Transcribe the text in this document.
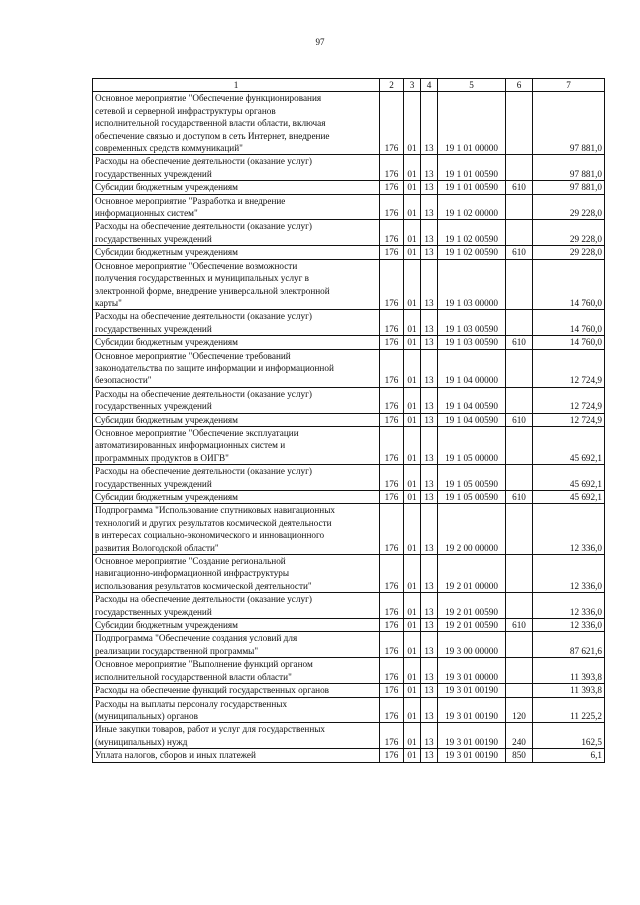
97
1	2	3	4	5	6	7

Основное мероприятие "Обеспечение функционирования
сетевой и серверной инфраструктуры органов
исполнительной государственной власти области, включая
обеспечение связью и доступом в сеть Интернет, внедрение
современных средств коммуникаций"	176	01	13	19 1 01 00000		97 881,0

Расходы на обеспечение деятельности (оказание услуг)
государственных учреждений	176	01	13	19 1 01 00590		97 881,0

Субсидии бюджетным учреждениям	176	01	13	19 1 01 00590	610	97 881,0

Основное мероприятие "Разработка и внедрение
информационных систем"	176	01	13	19 1 02 00000		29 228,0

Расходы на обеспечение деятельности (оказание услуг)
государственных учреждений	176	01	13	19 1 02 00590		29 228,0

Субсидии бюджетным учреждениям	176	01	13	19 1 02 00590	610	29 228,0

Основное мероприятие "Обеспечение возможности
получения государственных и муниципальных услуг в
электронной форме, внедрение универсальной электронной
карты"	176	01	13	19 1 03 00000		14 760,0

Расходы на обеспечение деятельности (оказание услуг)
государственных учреждений	176	01	13	19 1 03 00590		14 760,0

Субсидии бюджетным учреждениям	176	01	13	19 1 03 00590	610	14 760,0

Основное мероприятие "Обеспечение требований
законодательства по защите информации и информационной
безопасности"	176	01	13	19 1 04 00000		12 724,9

Расходы на обеспечение деятельности (оказание услуг)
государственных учреждений	176	01	13	19 1 04 00590		12 724,9

Субсидии бюджетным учреждениям	176	01	13	19 1 04 00590	610	12 724,9

Основное мероприятие "Обеспечение эксплуатации
автоматизированных информационных систем и
программных продуктов в ОИГВ"	176	01	13	19 1 05 00000		45 692,1

Расходы на обеспечение деятельности (оказание услуг)
государственных учреждений	176	01	13	19 1 05 00590		45 692,1

Субсидии бюджетным учреждениям	176	01	13	19 1 05 00590	610	45 692,1

Подпрограмма "Использование спутниковых навигационных
технологий и других результатов космической деятельности
в интересах социально-экономического и инновационного
развития Вологодской области"	176	01	13	19 2 00 00000		12 336,0

Основное мероприятие "Создание региональной
навигационно-информационной инфраструктуры
использования результатов космической деятельности"	176	01	13	19 2 01 00000		12 336,0

Расходы на обеспечение деятельности (оказание услуг)
государственных учреждений	176	01	13	19 2 01 00590		12 336,0

Субсидии бюджетным учреждениям	176	01	13	19 2 01 00590	610	12 336,0

Подпрограмма "Обеспечение создания условий для
реализации государственной программы"	176	01	13	19 3 00 00000		87 621,6

Основное мероприятие "Выполнение функций органом
исполнительной государственной власти области"	176	01	13	19 3 01 00000		11 393,8

Расходы на обеспечение функций государственных органов	176	01	13	19 3 01 00190		11 393,8

Расходы на выплаты персоналу государственных
(муниципальных) органов	176	01	13	19 3 01 00190	120	11 225,2

Иные закупки товаров, работ и услуг для государственных
(муниципальных) нужд	176	01	13	19 3 01 00190	240	162,5

Уплата налогов, сборов и иных платежей	176	01	13	19 3 01 00190	850	6,1
